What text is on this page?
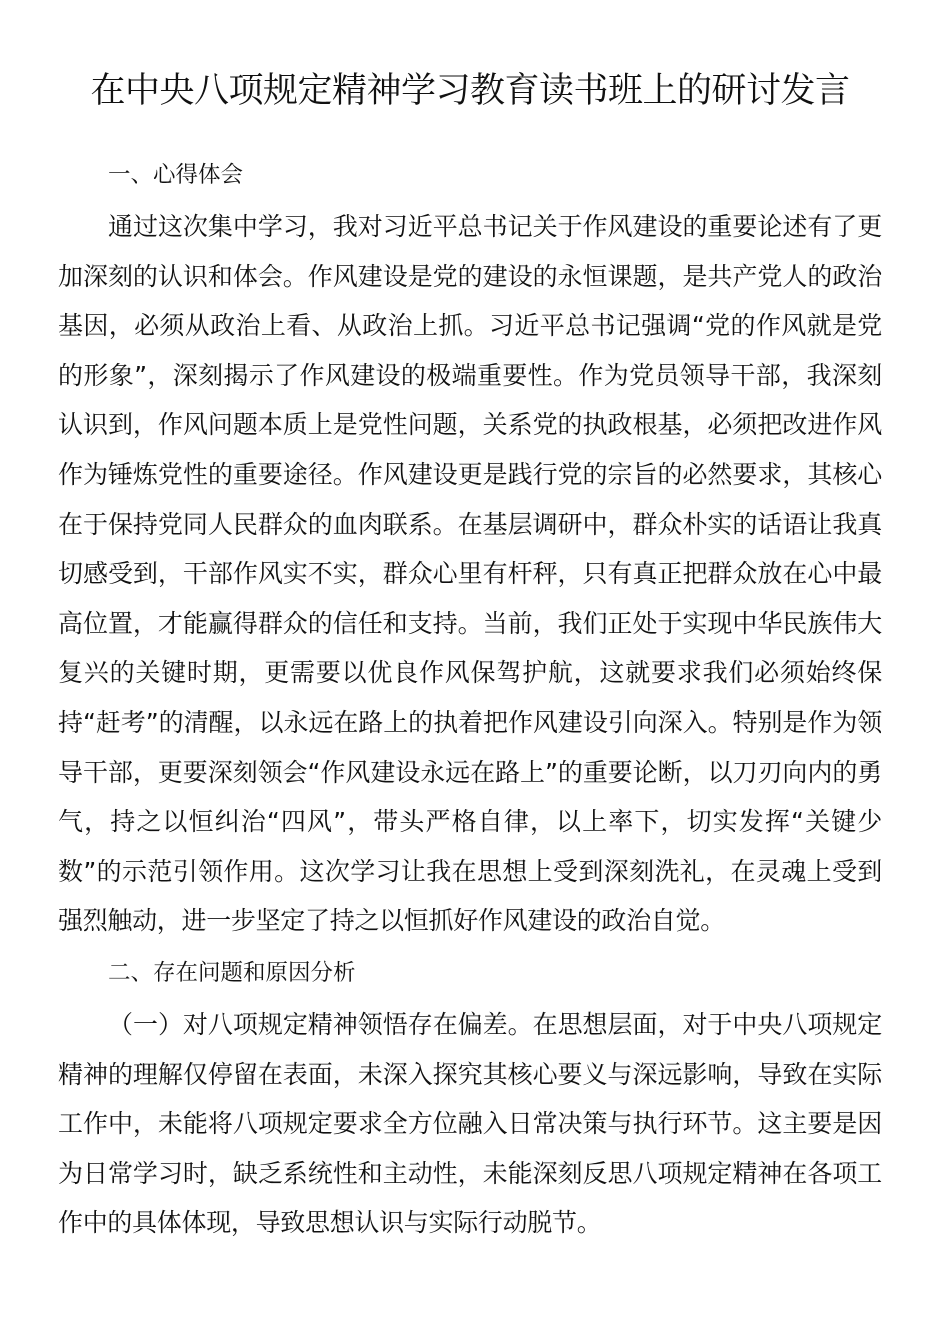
在中央八项规定精神学习教育读书班上的研讨发言
一、心得体会

通过这次集中学习，我对习近平总书记关于作风建设的重要论述有了更加深刻的认识和体会。作风建设是党的建设的永恒课题，是共产党人的政治基因，必须从政治上看、从政治上抓。习近平总书记强调“党的作风就是党的形象”，深刻揭示了作风建设的极端重要性。作为党员领导干部，我深刻认识到，作风问题本质上是党性问题，关系党的执政根基，必须把改进作风作为锤炼党性的重要途径。作风建设更是践行党的宗旨的必然要求，其核心在于保持党同人民群众的血肉联系。在基层调研中，群众朴实的话语让我真切感受到，干部作风实不实，群众心里有杆秤，只有真正把群众放在心中最高位置，才能赢得群众的信任和支持。当前，我们正处于实现中华民族伟大复兴的关键时期，更需要以优良作风保驾护航，这就要求我们必须始终保持“赶考”的清醒，以永远在路上的执着把作风建设引向深入。特别是作为领导干部，更要深刻领会“作风建设永远在路上”的重要论断，以刀刃向内的勇气，持之以恒纠治“四风”，带头严格自律，以上率下，切实发挥“关键少数”的示范引领作用。这次学习让我在思想上受到深刻洗礼，在灵魂上受到强烈触动，进一步坚定了持之以恒抓好作风建设的政治自觉。

二、存在问题和原因分析

（一）对八项规定精神领悟存在偏差。在思想层面，对于中央八项规定精神的理解仅停留在表面，未深入探究其核心要义与深远影响，导致在实际工作中，未能将八项规定要求全方位融入日常决策与执行环节。这主要是因为日常学习时，缺乏系统性和主动性，未能深刻反思八项规定精神在各项工作中的具体体现，导致思想认识与实际行动脱节。
